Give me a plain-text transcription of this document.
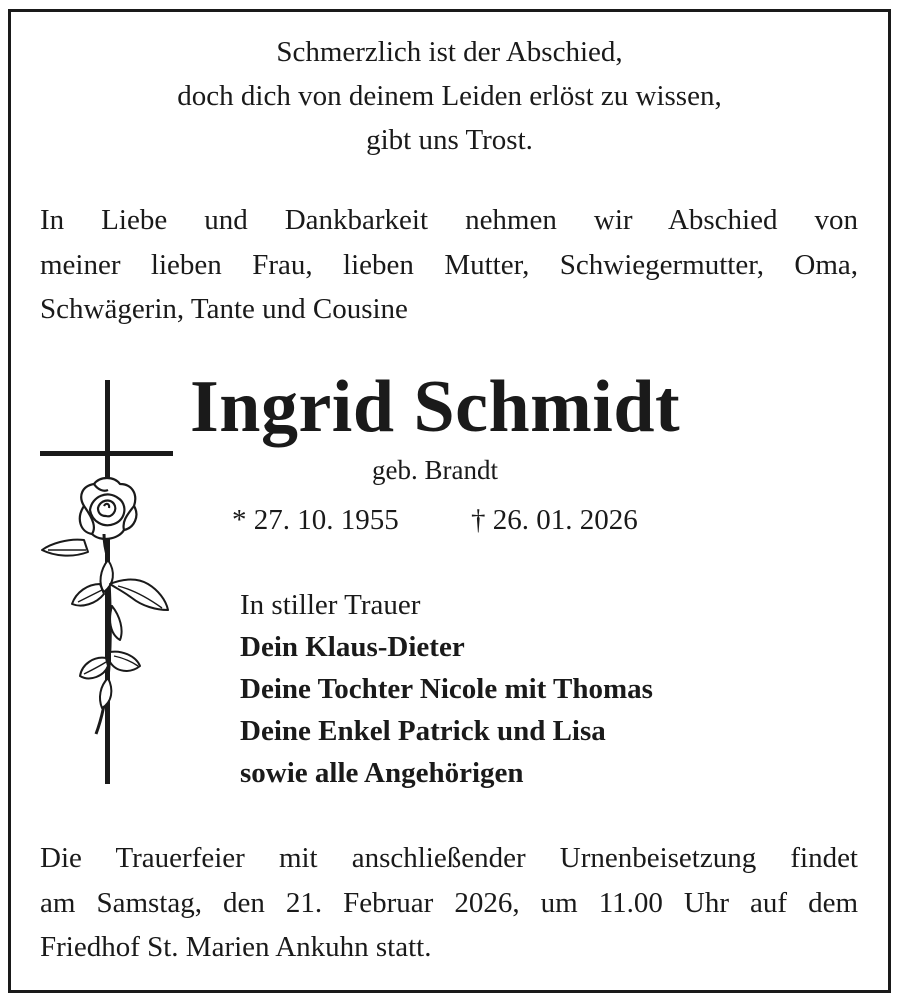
Schmerzlich ist der Abschied,
doch dich von deinem Leiden erlöst zu wissen,
gibt uns Trost.
In Liebe und Dankbarkeit nehmen wir Abschied von
meiner lieben Frau, lieben Mutter, Schwiegermutter, Oma,
Schwägerin, Tante und Cousine
Ingrid Schmidt
geb. Brandt
* 27. 10. 1955 † 26. 01. 2026
In stiller Trauer
Dein Klaus-Dieter
Deine Tochter Nicole mit Thomas
Deine Enkel Patrick und Lisa
sowie alle Angehörigen
Die Trauerfeier mit anschließender Urnenbeisetzung findet
am Samstag, den 21. Februar 2026, um 11.00 Uhr auf dem
Friedhof St. Marien Ankuhn statt.
